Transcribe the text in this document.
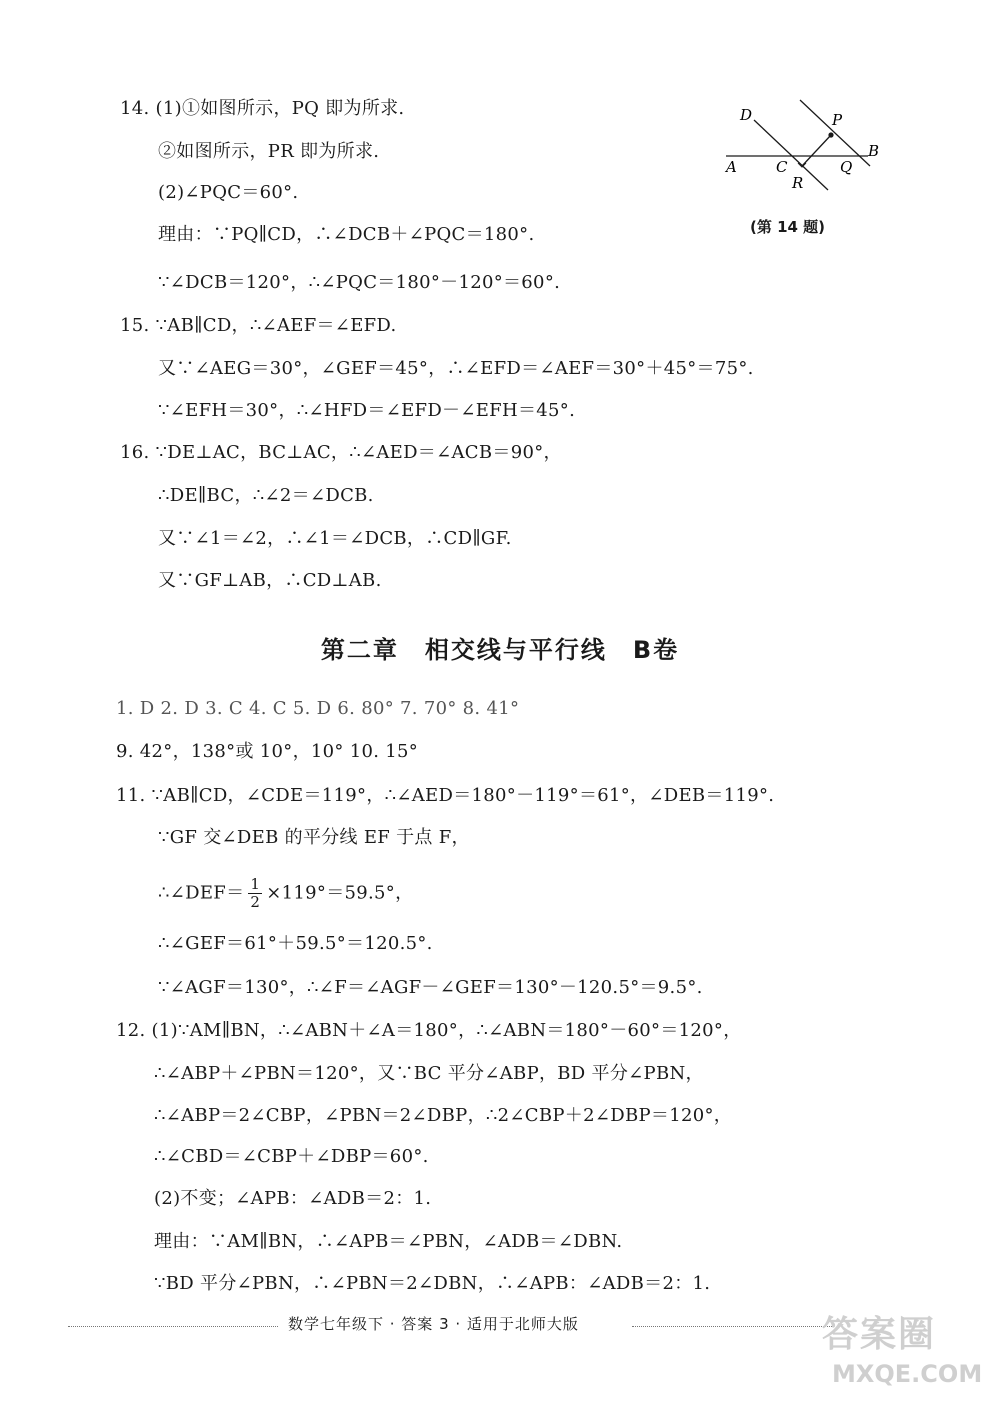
14. (1)①如图所示，PQ 即为所求.
②如图所示，PR 即为所求.
(2)∠PQC＝60°.
理由：∵PQ∥CD，∴∠DCB＋∠PQC＝180°.
∵∠DCB＝120°，∴∠PQC＝180°－120°＝60°.
D	P
A	C	Q
B
R
(第 14 题)
15. ∵AB∥CD，∴∠AEF＝∠EFD.
又∵∠AEG＝30°，∠GEF＝45°，∴∠EFD＝∠AEF＝30°＋45°＝75°.
∵∠EFH＝30°，∴∠HFD＝∠EFD－∠EFH＝45°.
16. ∵DE⊥AC，BC⊥AC，∴∠AED＝∠ACB＝90°，
∴DE∥BC，∴∠2＝∠DCB.
又∵∠1＝∠2，∴∠1＝∠DCB，∴CD∥GF.
又∵GF⊥AB，∴CD⊥AB.
第二章　相交线与平行线　B卷
1. D 2. D 3. C 4. C 5. D 6. 80° 7. 70° 8. 41°
9. 42°，138°或 10°，10° 10. 15°
11. ∵AB∥CD，∠CDE＝119°，∴∠AED＝180°－119°＝61°，∠DEB＝119°.
∵GF 交∠DEB 的平分线 EF 于点 F，
∴∠DEF＝ $\frac{1}{2} \times 119^\circ=59.5^\circ$，
∴∠GEF＝61°＋59.5°＝120.5°.
∵∠AGF＝130°，∴∠F＝∠AGF－∠GEF＝130°－120.5°＝9.5°.
12. (1)∵AM∥BN，∴∠ABN＋∠A＝180°，∴∠ABN＝180°－60°＝120°，
∴∠ABP＋∠PBN＝120°，又∵BC 平分∠ABP，BD 平分∠PBN，
∴∠ABP＝2∠CBP，∠PBN＝2∠DBP，∴2∠CBP＋2∠DBP＝120°，
∴∠CBD＝∠CBP＋∠DBP＝60°.
(2)不变；∠APB：∠ADB＝2：1.
理由：∵AM∥BN，∴∠APB＝∠PBN，∠ADB＝∠DBN.
∵BD 平分∠PBN，∴∠PBN＝2∠DBN，∴∠APB：∠ADB＝2：1.
数学七年级下 · 答案 3 · 适用于北师大版	答案圈
MXQE.COM
